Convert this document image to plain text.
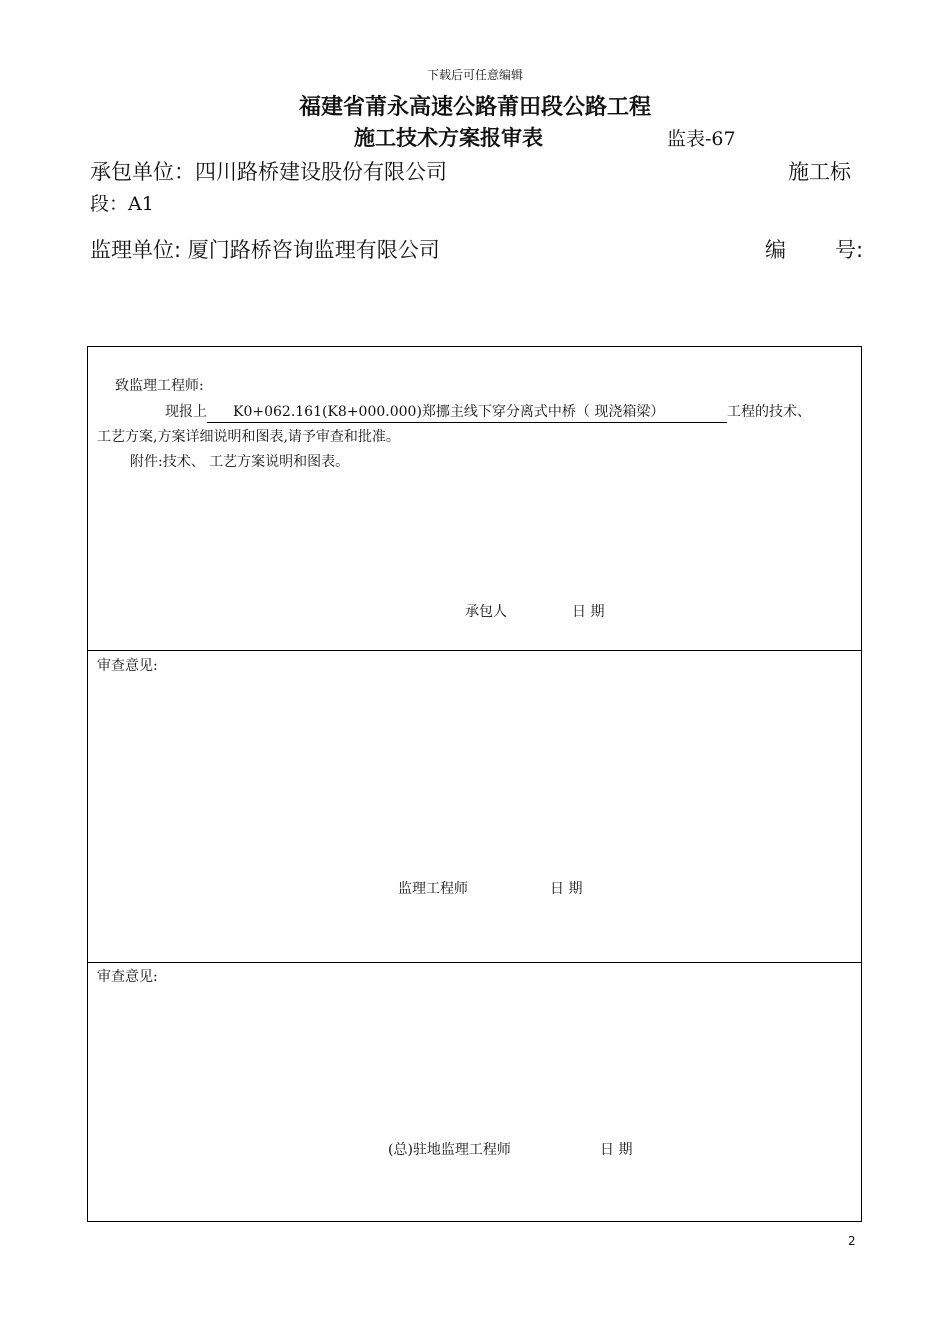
下载后可任意编辑
福建省莆永高速公路莆田段公路工程
施工技术方案报审表	监表-67
承包单位：四川路桥建设股份有限公司	施工标
段：A1
监理单位: 厦门路桥咨询监理有限公司	编 号:
致监理工程师:
现报上 K0+062.161(K8+000.000)郑挪主线下穿分离式中桥（ 现浇箱梁）	工程的技术、
工艺方案,方案详细说明和图表,请予审查和批准。
附件:技术、 工艺方案说明和图表。
承包人	日 期
审查意见:
监理工程师	日 期
审查意见:
(总)驻地监理工程师	日 期
2
